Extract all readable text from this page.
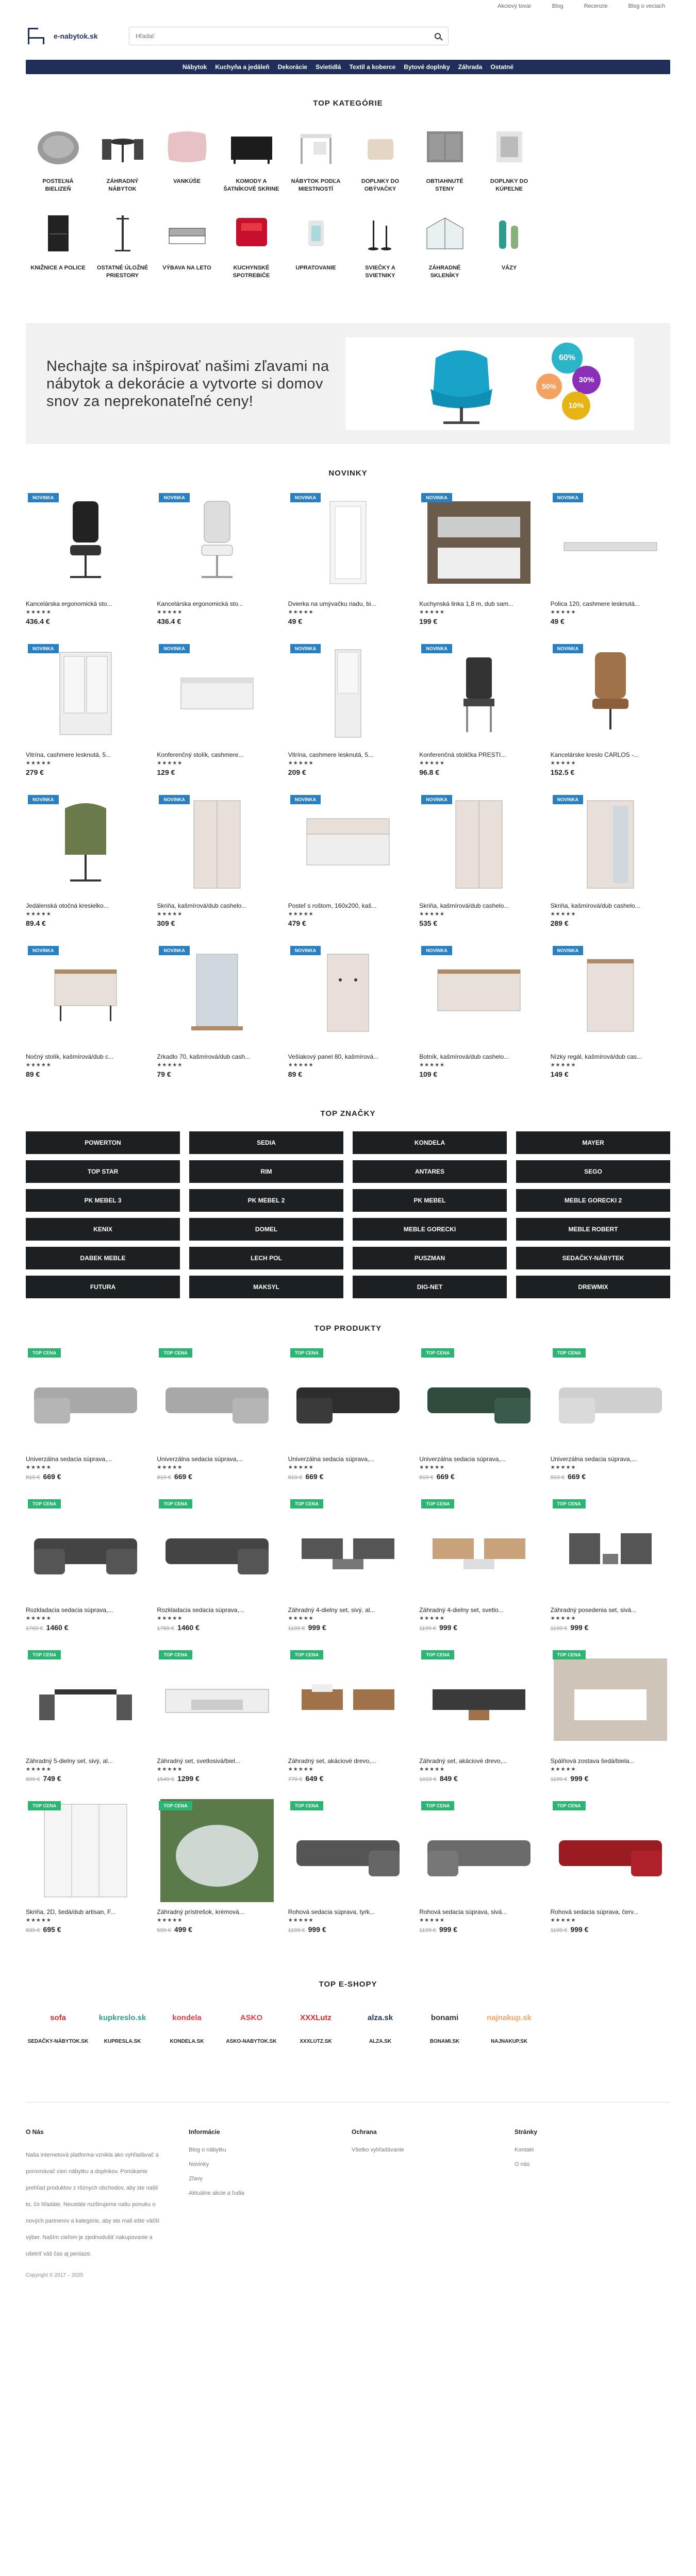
Akciový tovar	Blog	Recenzie	Blog o veciach
e-nabytok.sk
Hľadať
Nábytok Kuchyňa a jedáleň Dekorácie Svietidlá Textil a koberce Bytové doplnky Záhrada Ostatné
TOP KATEGÓRIE
POSTEĽNÁ BIELIZEŇ
ZÁHRADNÝ NÁBYTOK
VANKÚŠE	KOMODY A ŠATNÍKOVÉ SKRINE
NÁBYTOK PODĽA MIESTNOSTÍ
DOPLNKY DO OBÝVAČKY
OBTIAHNUTÉ STENY
DOPLNKY DO KÚPEĽNE
KNIŽNICE A POLICE	OSTATNÉ ÚLOŽNÉ PRIESTORY
VÝBAVA NA LETO	KUCHYNSKÉ SPOTREBIČE
UPRATOVANIE	SVIEČKY A SVIETNIKY
ZÁHRADNÉ SKLENÍKY
VÁZY
Nechajte sa inšpirovať našimi zľavami na nábytok a dekorácie a vytvorte si domov snov za neprekonateľné ceny!
60%
30%
50%
10%
NOVINKY
NOVINKA
Kancelárska ergonomická sto...
★★★★★
436.4 €
NOVINKA
Kancelárska ergonomická sto...
★★★★★
436.4 €
NOVINKA
Dvierka na umývačku riadu, bi...
★★★★★
49 €
NOVINKA
Kuchynská linka 1,8 m, dub sam...
★★★★★
199 €
NOVINKA
Polica 120, cashmere lesknutá...
★★★★★
49 €
NOVINKA
Vitrína, cashmere lesknutá, 5...
★★★★★
279 €
NOVINKA
Konferenčný stolík, cashmere...
★★★★★
129 €
NOVINKA
Vitrína, cashmere lesknutá, 5...
★★★★★
209 €
NOVINKA
Konferenčná stolička PRESTI...
★★★★★
96.8 €
NOVINKA
Kancelárske kreslo CARLOS -...
★★★★★
152.5 €
NOVINKA
Jedálenská otočná kresielko...
★★★★★
89.4 €
NOVINKA
Skriňa, kašmírová/dub cashelo...
★★★★★
309 €
NOVINKA
Posteľ s roštom, 160x200, kaš...
★★★★★
479 €
NOVINKA
Skriňa, kašmírová/dub cashelo...
★★★★★
535 €
NOVINKA
Skriňa, kašmírová/dub cashelo...
★★★★★
289 €
NOVINKA
Nočný stolík, kašmírová/dub c...
★★★★★
89 €
NOVINKA
Zrkadlo 70, kašmírová/dub cash...
★★★★★
79 €
NOVINKA
Vešiakový panel 80, kašmírová...
★★★★★
89 €
NOVINKA
Botník, kašmírová/dub cashelo...
★★★★★
109 €
NOVINKA
Nízky regál, kašmírová/dub cas...
★★★★★
149 €
TOP ZNAČKY
POWERTON	SEDIA	KONDELA	MAYER
TOP STAR	RIM	ANTARES	SEGO
PK MEBEL 3	PK MEBEL 2	PK MEBEL	MEBLE GORECKI 2
KENIX	DOMEL	MEBLE GORECKI	MEBLE ROBERT
DABEK MEBLE	LECH POL	PUSZMAN	SEDAČKY-NÁBYTEK
FUTURA	MAKSYL	DIG-NET	DREWMIX
TOP PRODUKTY
TOP CENA
Univerzálna sedacia súprava,...
★★★★★
819 € 669 €
TOP CENA
Univerzálna sedacia súprava,...
★★★★★
819 € 669 €
TOP CENA
Univerzálna sedacia súprava,...
★★★★★
819 € 669 €
TOP CENA
Univerzálna sedacia súprava,...
★★★★★
819 € 669 €
TOP CENA
Univerzálna sedacia súprava,...
★★★★★
819 € 669 €
TOP CENA
Rozkladacia sedacia súprava,...
★★★★★
1769 € 1460 €
TOP CENA
Rozkladacia sedacia súprava,...
★★★★★
1769 € 1460 €
TOP CENA
Záhradný 4-dielny set, sivý, al...
★★★★★
1199 € 999 €
TOP CENA
Záhradný 4-dielny set, svetlo...
★★★★★
1199 € 999 €
TOP CENA
Záhradný posedenia set, sivá...
★★★★★
1199 € 999 €
TOP CENA
Záhradný 5-dielny set, sivý, al...
★★★★★
899 € 749 €
TOP CENA
Záhradný set, svetlosivá/biel...
★★★★★
1549 € 1299 €
TOP CENA
Záhradný set, akáciové drevo,...
★★★★★
779 € 649 €
TOP CENA
Záhradný set, akáciové drevo,...
★★★★★
1019 € 849 €
TOP CENA
Spálňová zostava šedá/biela...
★★★★★
1199 € 999 €
TOP CENA
Skriňa, 2D, šedá/dub artisan, F...
★★★★★
839 € 695 €
TOP CENA
Záhradný prístrešok, krémová...
★★★★★
599 € 499 €
TOP CENA
Rohová sedacia súprava, tyrk...
★★★★★
1199 € 999 €
TOP CENA
Rohová sedacia súprava, sivá...
★★★★★
1199 € 999 €
TOP CENA
Rohová sedacia súprava, červ...
★★★★★
1199 € 999 €
TOP E-SHOPY
sofa
SEDAČKY-NÁBYTOK.SK
kupkreslo.sk
KUPRESLA.SK
kondela
KONDELA.SK
ASKO
ASKO-NABYTOK.SK
XXXLutz
XXXLUTZ.SK
alza.sk
ALZA.SK
bonami
BONAMI.SK
najnakup.sk
NAJNAKUP.SK
O Nás
Naša internetová platforma vznikla ako vyhľadávač a porovnávač cien nábytku a doplnkov. Ponúkame prehľad produktov z rôznych obchodov, aby ste našli to, čo hľadáte. Neustále rozširujeme našu ponuku o nových partnerov a kategórie, aby ste mali ešte väčší výber. Naším cieľom je zjednodušiť nakupovanie a ušetriť váš čas aj peniaze.
Informácie
Blog o nábytku
Novinky
Zľavy
Aktuálne akcie a ľudia
Ochrana
Všetko vyhľadávanie
Stránky
Kontakt
O nás
Copyright © 2017 – 2025
